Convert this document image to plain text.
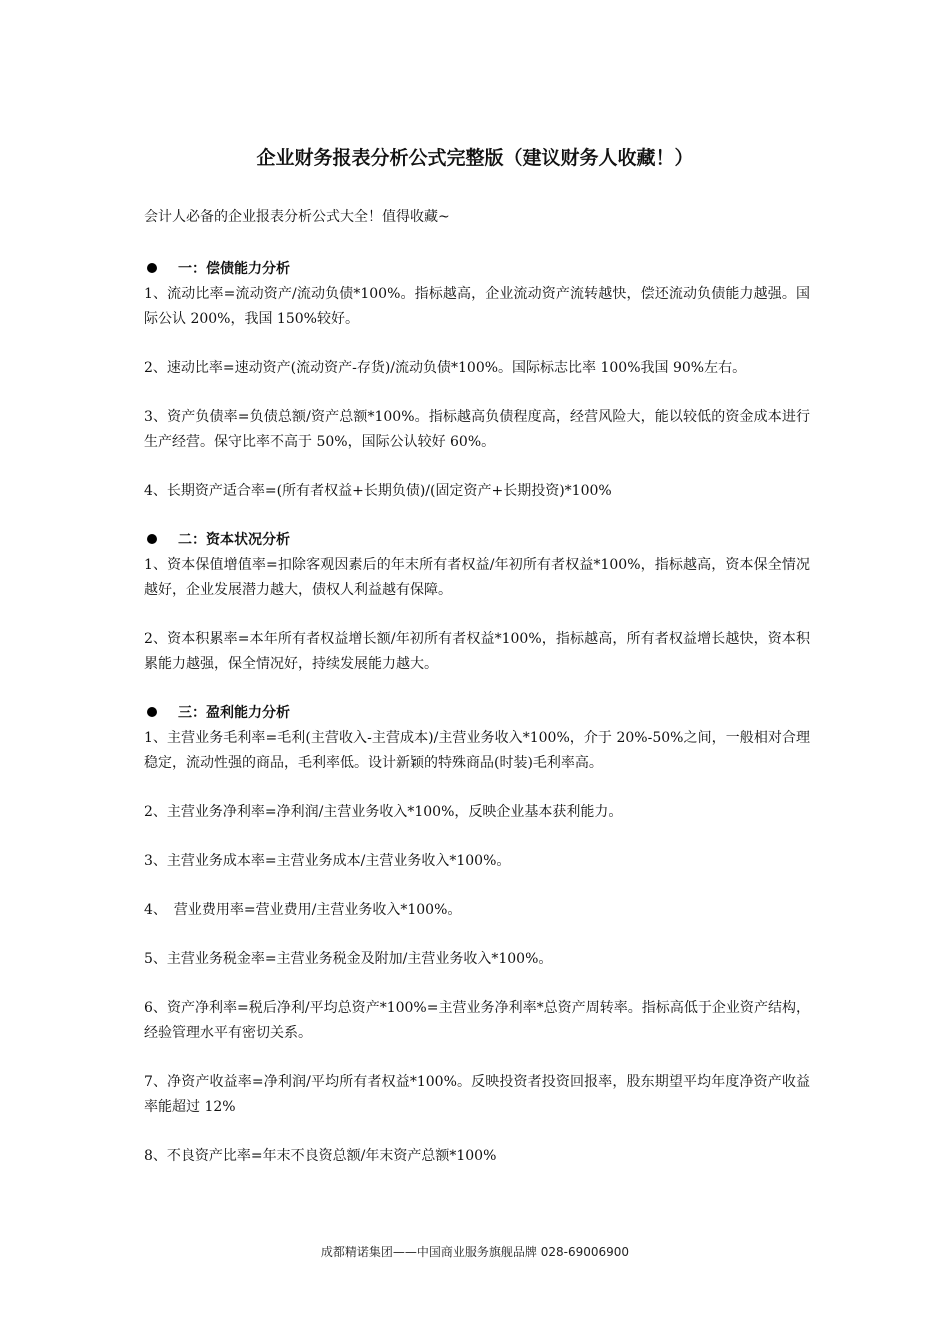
企业财务报表分析公式完整版（建议财务人收藏！）

会计人必备的企业报表分析公式大全！值得收藏~

一：偿债能力分析

1、流动比率=流动资产/流动负债*100%。指标越高，企业流动资产流转越快，偿还流动负债能力越强。国际公认 200%，我国 150%较好。

2、速动比率=速动资产(流动资产-存货)/流动负债*100%。国际标志比率 100%我国 90%左右。

3、资产负债率=负债总额/资产总额*100%。指标越高负债程度高，经营风险大，能以较低的资金成本进行生产经营。保守比率不高于 50%，国际公认较好 60%。

4、长期资产适合率=(所有者权益+长期负债)/(固定资产+长期投资)*100%

二：资本状况分析

1、资本保值增值率=扣除客观因素后的年末所有者权益/年初所有者权益*100%，指标越高，资本保全情况越好，企业发展潜力越大，债权人利益越有保障。

2、资本积累率=本年所有者权益增长额/年初所有者权益*100%，指标越高，所有者权益增长越快，资本积累能力越强，保全情况好，持续发展能力越大。

三：盈利能力分析

1、主营业务毛利率=毛利(主营收入-主营成本)/主营业务收入*100%，介于 20%-50%之间，一般相对合理稳定，流动性强的商品，毛利率低。设计新颖的特殊商品(时装)毛利率高。

2、主营业务净利率=净利润/主营业务收入*100%，反映企业基本获利能力。

3、主营业务成本率=主营业务成本/主营业务收入*100%。

4、　营业费用率=营业费用/主营业务收入*100%。

5、主营业务税金率=主营业务税金及附加/主营业务收入*100%。

6、资产净利率=税后净利/平均总资产*100%=主营业务净利率*总资产周转率。指标高低于企业资产结构，经验管理水平有密切关系。

7、净资产收益率=净利润/平均所有者权益*100%。反映投资者投资回报率，股东期望平均年度净资产收益率能超过 12%

8、不良资产比率=年末不良资总额/年末资产总额*100%

成都精诺集团——中国商业服务旗舰品牌 028-69006900
